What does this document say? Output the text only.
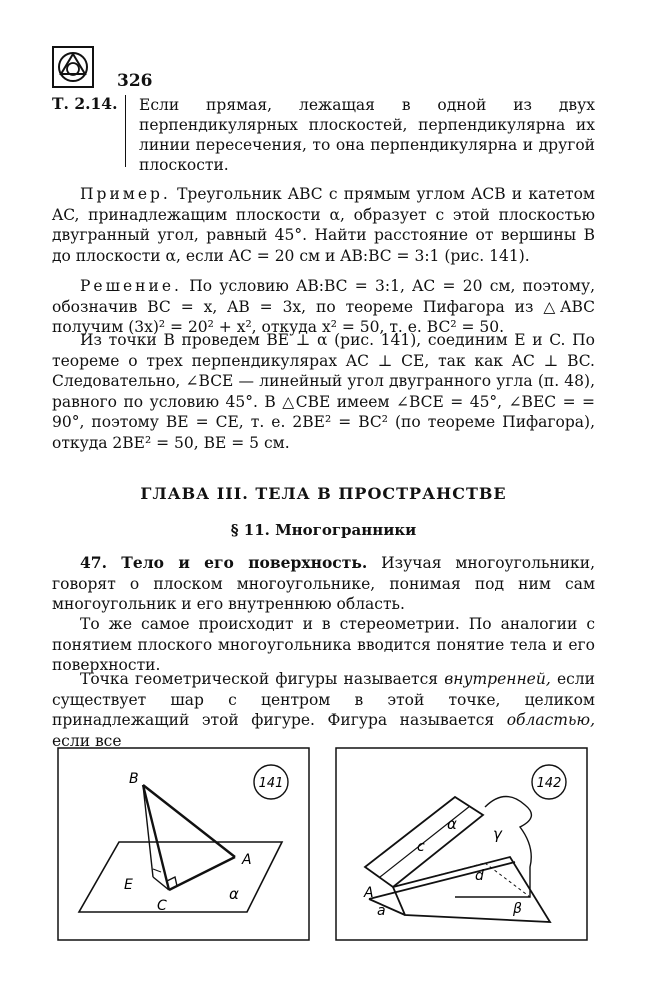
326
Т. 2.14. Если прямая, лежащая в одной из двух перпендикулярных плоскостей, перпендикулярна их линии пересечения, то она перпендикулярна и другой плоскости.
Пример. Треугольник ABC с прямым углом ACB и катетом AC, принадлежащим плоскости α, образует с этой плоскостью двугранный угол, равный 45°. Найти расстояние от вершины B до плоскости α, если AC = 20 см и AB:BC = 3:1 (рис. 141).
Решение. По условию AB:BC = 3:1, AC = 20 см, поэтому, обозначив BC = x, AB = 3x, по теореме Пифагора из △ABC получим (3x)² = 20² + x², откуда x² = 50, т. е. BC² = 50.
Из точки B проведем BE ⊥ α (рис. 141), соединим E и C. По теореме о трех перпендикулярах AC ⊥ CE, так как AC ⊥ BC. Следовательно, ∠BCE — линейный угол двугранного угла (п. 48), равного по условию 45°. В △CBE имеем ∠BCE = 45°, ∠BEC = = 90°, поэтому BE = CE, т. е. 2BE² = BC² (по теореме Пифагора), откуда 2BE² = 50, BE = 5 см.
ГЛАВА III. ТЕЛА В ПРОСТРАНСТВЕ
§ 11. Многогранники
47. Тело и его поверхность. Изучая многоугольники, говорят о плоском многоугольнике, понимая под ним сам многоугольник и его внутреннюю область.
То же самое происходит и в стереометрии. По аналогии с понятием плоского многоугольника вводится понятие тела и его поверхности.
Точка геометрической фигуры называется внутренней, если существует шар с центром в этой точке, целиком принадлежащий этой фигуре. Фигура называется областью, если все
141
B
E
C
A
α
142
α
γ
c
d
A
a	β
